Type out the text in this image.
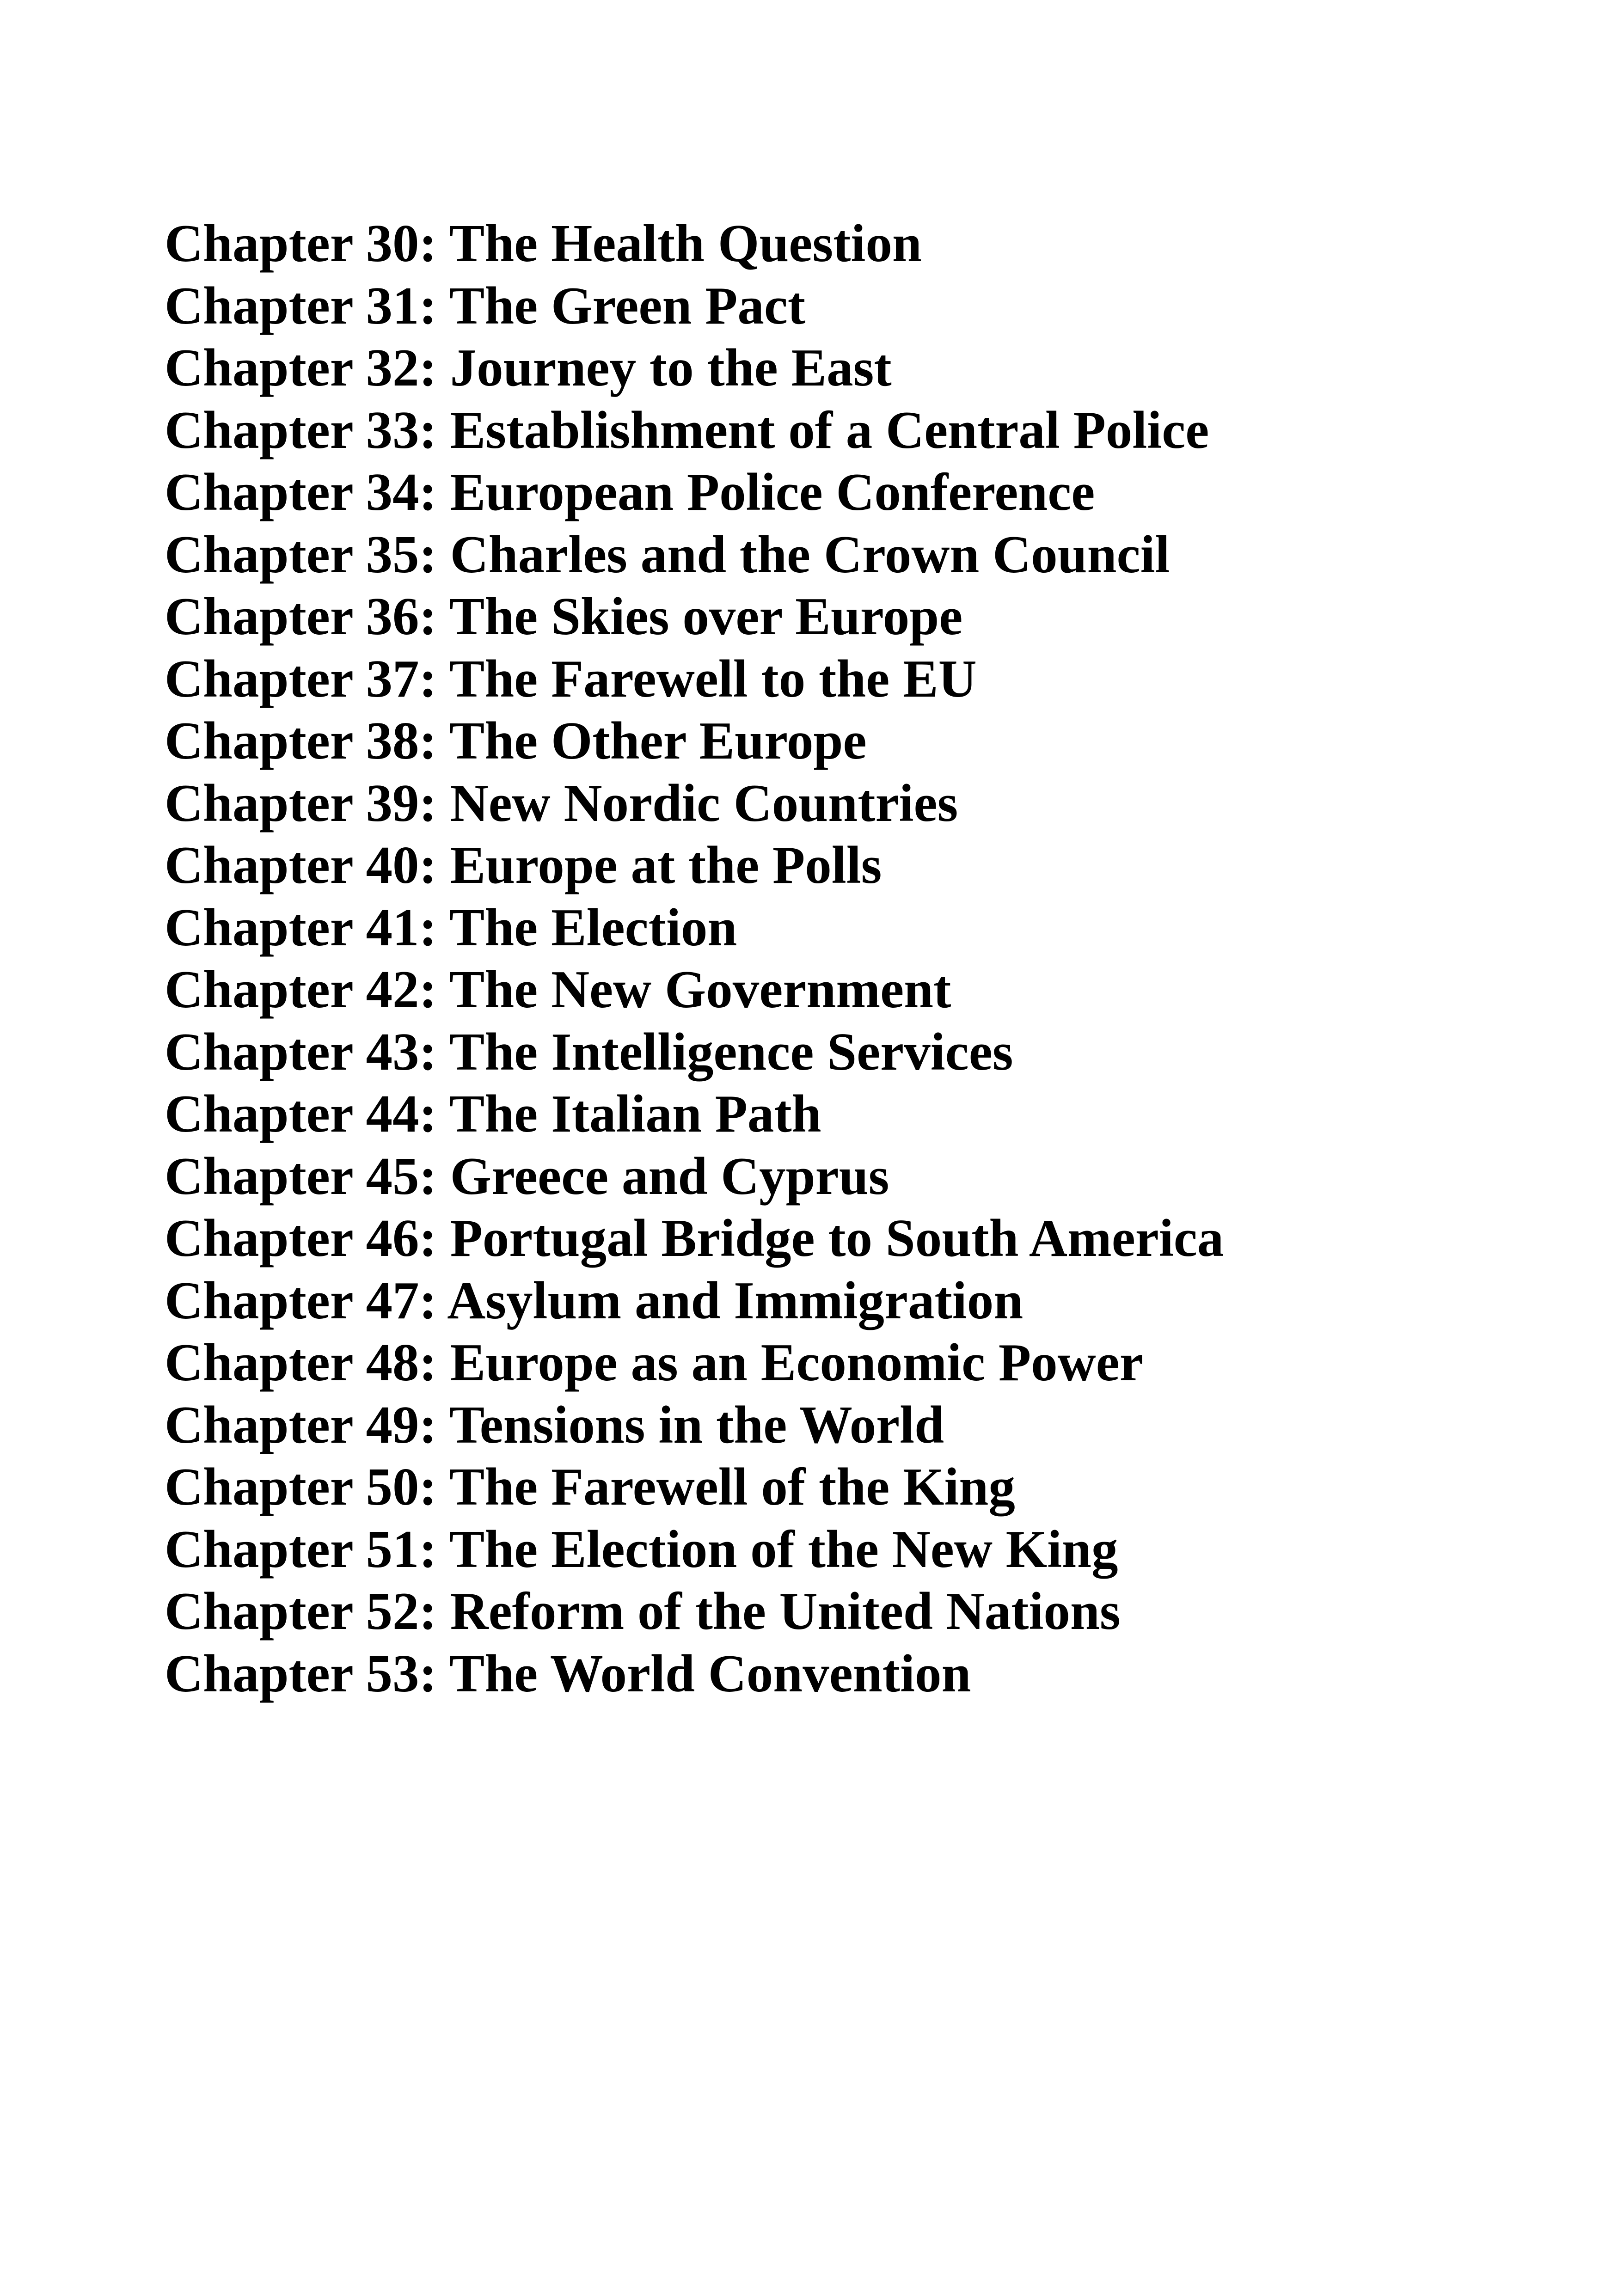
Chapter 30: The Health Question
Chapter 31: The Green Pact
Chapter 32: Journey to the East
Chapter 33: Establishment of a Central Police
Chapter 34: European Police Conference
Chapter 35: Charles and the Crown Council
Chapter 36: The Skies over Europe
Chapter 37: The Farewell to the EU
Chapter 38: The Other Europe
Chapter 39: New Nordic Countries
Chapter 40: Europe at the Polls
Chapter 41: The Election
Chapter 42: The New Government
Chapter 43: The Intelligence Services
Chapter 44: The Italian Path
Chapter 45: Greece and Cyprus
Chapter 46: Portugal Bridge to South America
Chapter 47: Asylum and Immigration
Chapter 48: Europe as an Economic Power
Chapter 49: Tensions in the World
Chapter 50: The Farewell of the King
Chapter 51: The Election of the New King
Chapter 52: Reform of the United Nations
Chapter 53: The World Convention
